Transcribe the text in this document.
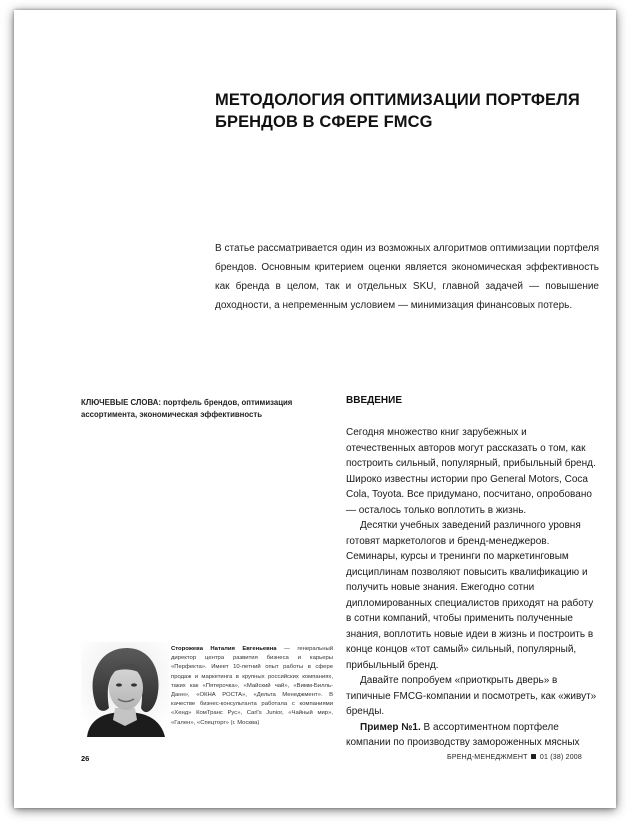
МЕТОДОЛОГИЯ ОПТИМИЗАЦИИ ПОРТФЕЛЯ
БРЕНДОВ В СФЕРЕ FMCG

В статье рассматривается один из возможных алгоритмов оптимизации портфеля брендов. Основным критерием оценки является экономическая эффективность как бренда в целом, так и отдельных SKU, главной задачей — повышение доходности, а непременным условием — минимизация финансовых потерь.

КЛЮЧЕВЫЕ СЛОВА: портфель брендов, оптимизация ассортимента, экономическая эффективность

ВВЕДЕНИЕ

Сегодня множество книг зарубежных и отечественных авторов могут рассказать о том, как построить сильный, популярный, прибыльный бренд. Широко известны истории про General Motors, Coca Cola, Toyota. Все придумано, посчитано, опробовано — осталось только воплотить в жизнь.

Десятки учебных заведений различного уровня готовят маркетологов и бренд-менеджеров. Семинары, курсы и тренинги по маркетинговым дисциплинам позволяют повысить квалификацию и получить новые знания. Ежегодно сотни дипломированных специалистов приходят на работу в сотни компаний, чтобы применить полученные знания, воплотить новые идеи в жизнь и построить в конце концов «тот самый» сильный, популярный, прибыльный бренд.

Давайте попробуем «приоткрыть дверь» в типичные FMCG-компании и посмотреть, как «живут» бренды.

Пример №1. В ассортиментном портфеле компании по производству замороженных мясных

Сторожева Наталия Евгеньевна — генеральный директор центра развития бизнеса и карьеры «Перфекта». Имеет 10-летний опыт работы в сфере продаж и маркетинга в крупных российских компаниях, таких как «Пятерочка», «Майский чай», «Вимм-Билль-Данн», «ОКНА РОСТА», «Дельта Менеджмент». В качестве бизнес-консультанта работала с компаниями «Хенд» КомТранс Рус», Carl's Junior, «Чайный мир», «Гален», «Спецторг» (г. Москва)

26	БРЕНД-МЕНЕДЖМЕНТ 01 (38) 2008
